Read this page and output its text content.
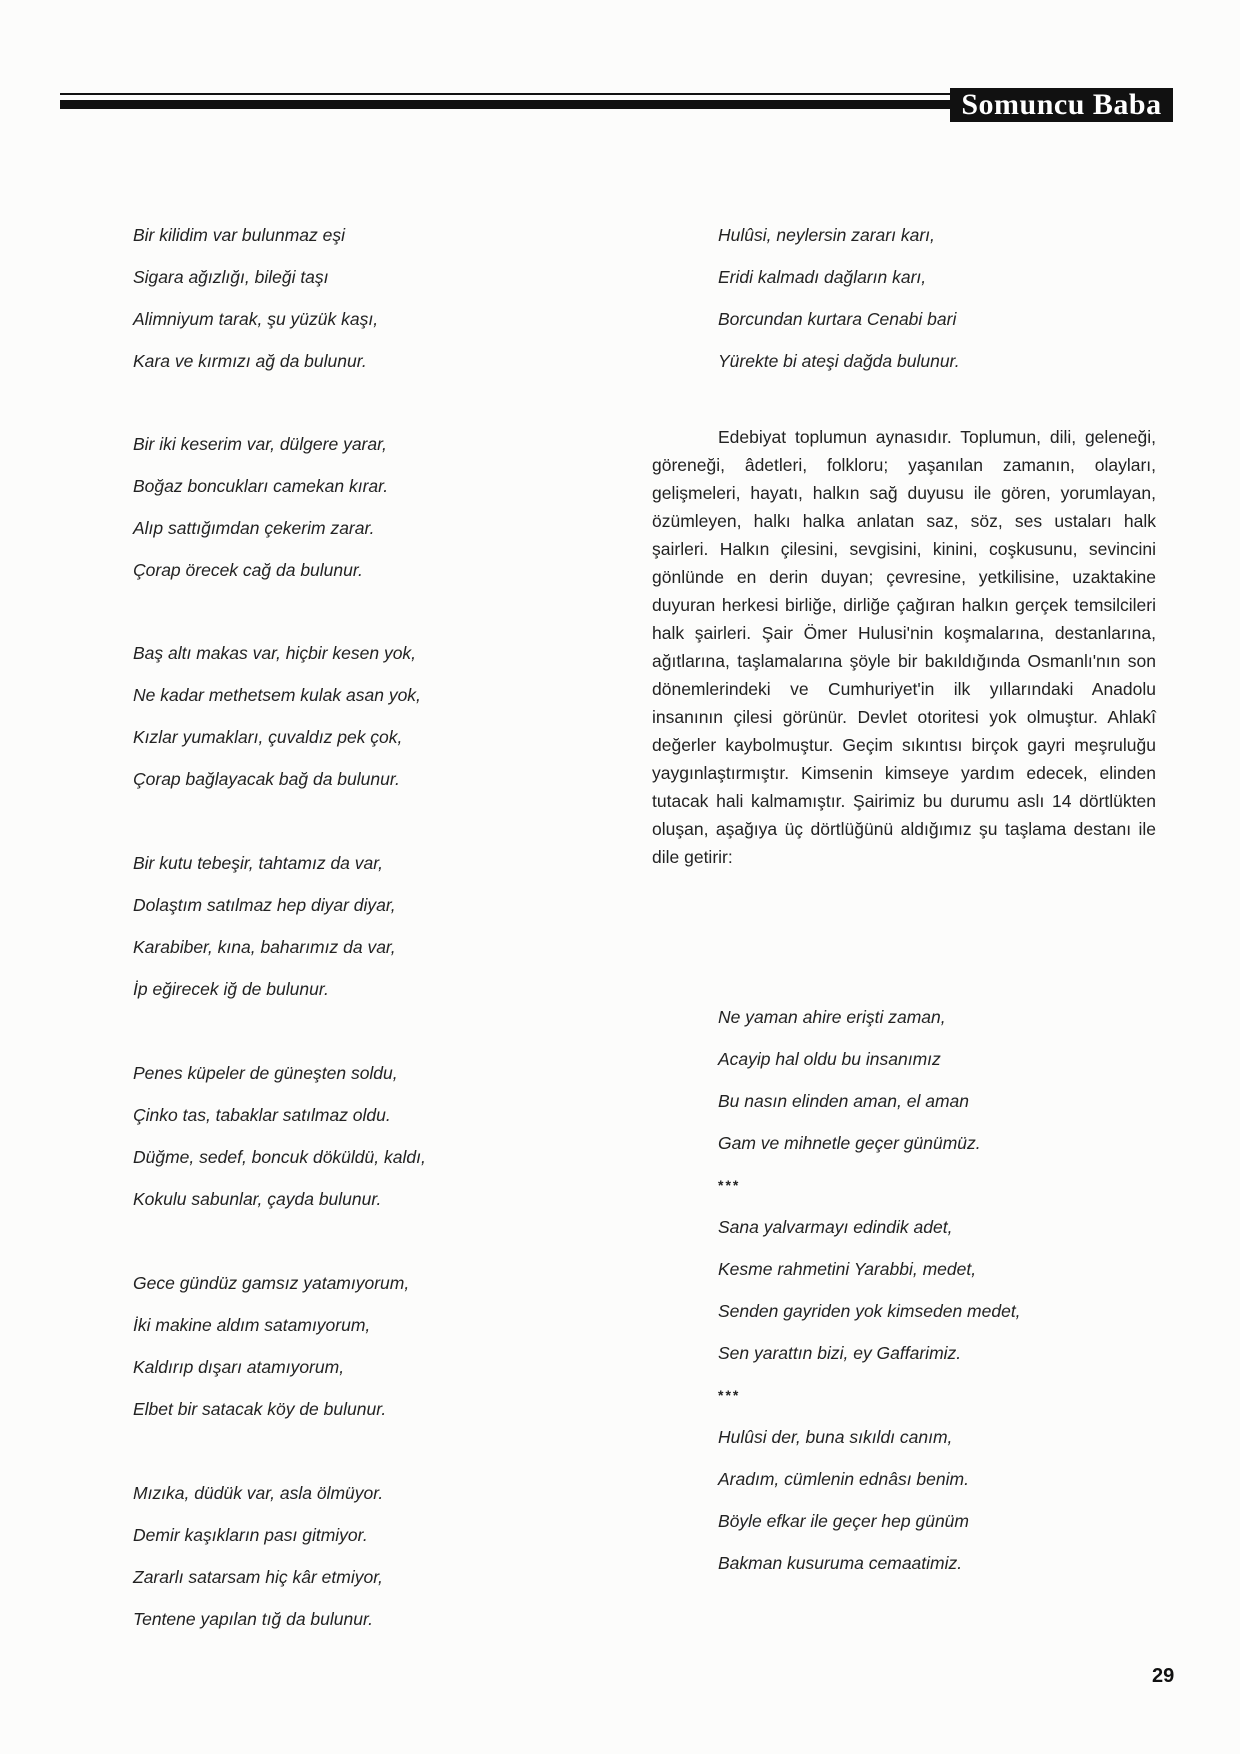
Somuncu Baba
Bir kilidim var bulunmaz eşi
Sigara ağızlığı, bileği taşı
Alimniyum tarak, şu yüzük kaşı,
Kara ve kırmızı ağ da bulunur.
Bir iki keserim var, dülgere yarar,
Boğaz boncukları camekan kırar.
Alıp sattığımdan çekerim zarar.
Çorap örecek cağ da bulunur.
Baş altı makas var, hiçbir kesen yok,
Ne kadar methetsem kulak asan yok,
Kızlar yumakları, çuvaldız pek çok,
Çorap bağlayacak bağ da bulunur.
Bir kutu tebeşir, tahtamız da var,
Dolaştım satılmaz hep diyar diyar,
Karabiber, kına, baharımız da var,
İp eğirecek iğ de bulunur.
Penes küpeler de güneşten soldu,
Çinko tas, tabaklar satılmaz oldu.
Düğme, sedef, boncuk döküldü, kaldı,
Kokulu sabunlar, çayda bulunur.
Gece gündüz gamsız yatamıyorum,
İki makine aldım satamıyorum,
Kaldırıp dışarı atamıyorum,
Elbet bir satacak köy de bulunur.
Mızıka, düdük var, asla ölmüyor.
Demir kaşıkların pası gitmiyor.
Zararlı satarsam hiç kâr etmiyor,
Tentene yapılan tığ da bulunur.
Hulûsi, neylersin zararı karı,
Eridi kalmadı dağların karı,
Borcundan kurtara Cenabi bari
Yürekte bi ateşi dağda bulunur.

Edebiyat toplumun aynasıdır. Toplumun, dili, geleneği, göreneği, âdetleri, folkloru; yaşanılan zamanın, olayları, gelişmeleri, hayatı, halkın sağ duyusu ile gören, yorumlayan, özümleyen, halkı halka anlatan saz, söz, ses ustaları halk şairleri. Halkın çilesini, sevgisini, kinini, coşkusunu, sevincini gönlünde en derin duyan; çevresine, yetkilisine, uzaktakine duyuran herkesi birliğe, dirliğe çağıran halkın gerçek temsilcileri halk şairleri. Şair Ömer Hulusi'nin koşmalarına, destanlarına, ağıtlarına, taşlamalarına şöyle bir bakıldığında Osmanlı'nın son dönemlerindeki ve Cumhuriyet'in ilk yıllarındaki Anadolu insanının çilesi görünür. Devlet otoritesi yok olmuştur. Ahlakî değerler kaybolmuştur. Geçim sıkıntısı birçok gayri meşruluğu yaygınlaştırmıştır. Kimsenin kimseye yardım edecek, elinden tutacak hali kalmamıştır. Şairimiz bu durumu aslı 14 dörtlükten oluşan, aşağıya üç dörtlüğünü aldığımız şu taşlama destanı ile dile getirir:

Ne yaman ahire erişti zaman,
Acayip hal oldu bu insanımız
Bu nasın elinden aman, el aman
Gam ve mihnetle geçer günümüz.
***
Sana yalvarmayı edindik adet,
Kesme rahmetini Yarabbi, medet,
Senden gayriden yok kimseden medet,
Sen yarattın bizi, ey Gaffarimiz.
***
Hulûsi der, buna sıkıldı canım,
Aradım, cümlenin ednâsı benim.
Böyle efkar ile geçer hep günüm
Bakman kusuruma cemaatimiz.
29
